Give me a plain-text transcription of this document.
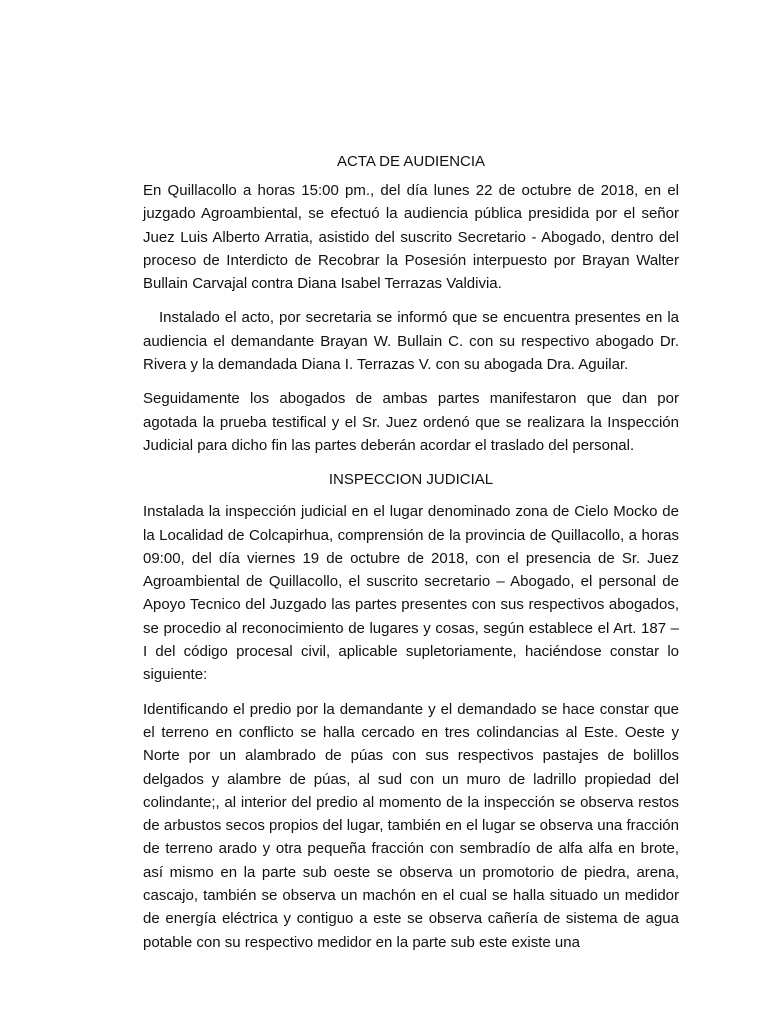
ACTA DE AUDIENCIA

En Quillacollo a horas 15:00 pm., del día lunes 22 de octubre de 2018, en el juzgado Agroambiental, se efectuó la audiencia pública presidida por el señor Juez Luis Alberto Arratia, asistido del suscrito Secretario - Abogado, dentro del proceso de Interdicto de Recobrar la Posesión interpuesto por Brayan Walter Bullain Carvajal contra Diana Isabel Terrazas Valdivia.

Instalado el acto, por secretaria se informó que se encuentra presentes en la audiencia el demandante Brayan W. Bullain C. con su respectivo abogado Dr. Rivera y la demandada Diana I. Terrazas V. con su abogada Dra. Aguilar.

Seguidamente los abogados de ambas partes manifestaron que dan por agotada la prueba testifical y el Sr. Juez ordenó que se realizara la Inspección Judicial para dicho fin las partes deberán acordar el traslado del personal.

INSPECCION JUDICIAL

Instalada la inspección judicial en el lugar denominado zona de Cielo Mocko de la Localidad de Colcapirhua, comprensión de la provincia de Quillacollo, a horas 09:00, del día viernes 19 de octubre de 2018, con el presencia de Sr. Juez Agroambiental de Quillacollo, el suscrito secretario – Abogado, el personal de Apoyo Tecnico del Juzgado las partes presentes con sus respectivos abogados, se procedio al reconocimiento de lugares y cosas, según establece el Art. 187 – I del código procesal civil, aplicable supletoriamente, haciéndose constar lo siguiente:

Identificando el predio por la demandante y el demandado se hace constar que el terreno en conflicto se halla cercado en tres colindancias al Este. Oeste y Norte por un alambrado de púas con sus respectivos pastajes de bolillos delgados y alambre de púas, al sud con un muro de ladrillo propiedad del colindante;, al interior del predio al momento de la inspección se observa restos de arbustos secos propios del lugar, también en el lugar se observa una fracción de terreno arado y otra pequeña fracción con sembradío de alfa alfa en brote, así mismo en la parte sub oeste se observa un promotorio de piedra, arena, cascajo, también se observa un machón en el cual se halla situado un medidor de energía eléctrica y contiguo a este se observa cañería de sistema de agua potable con su respectivo medidor en la parte sub este existe una
